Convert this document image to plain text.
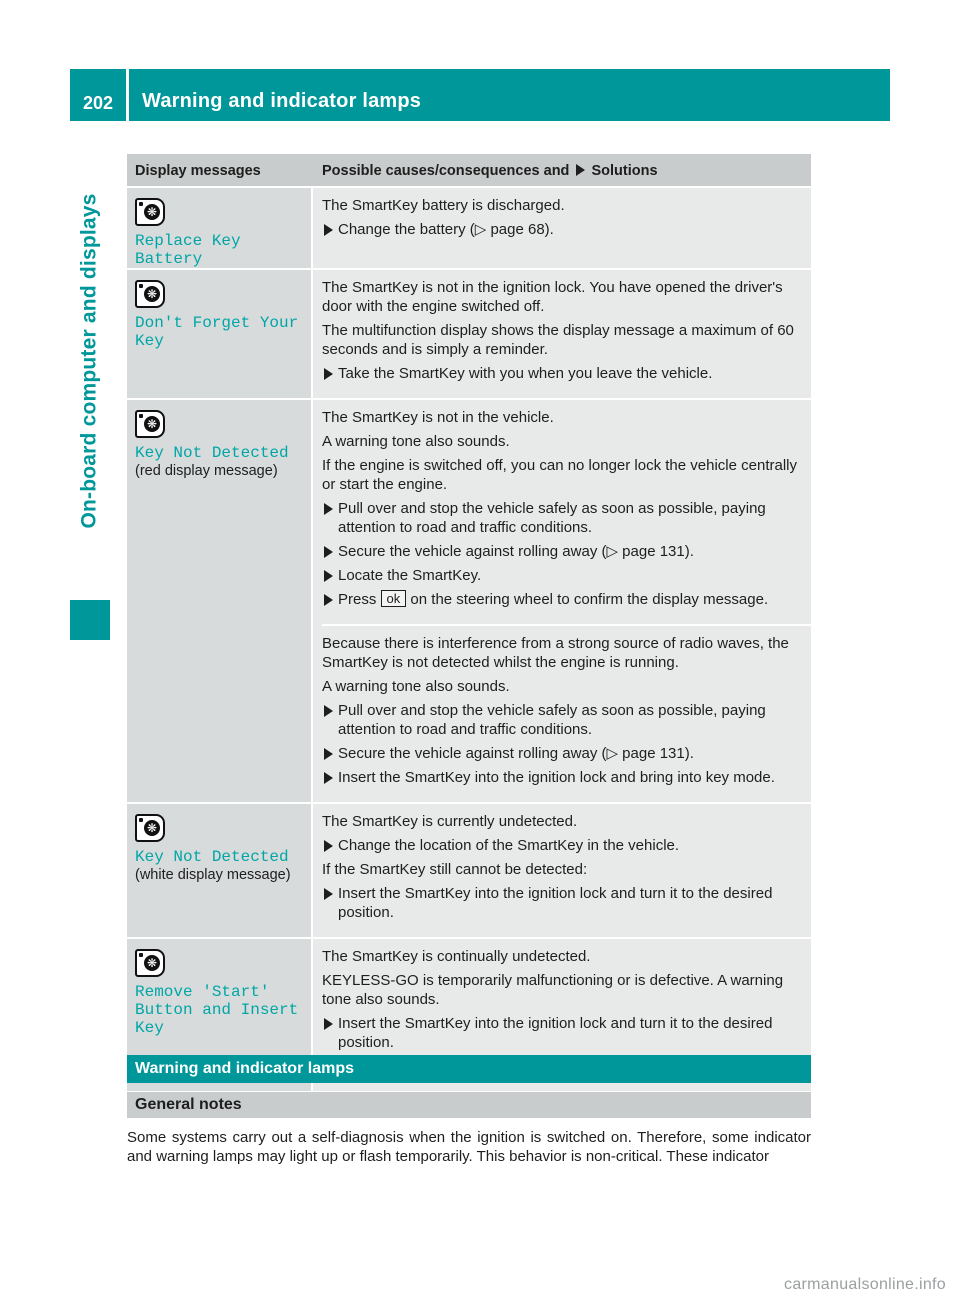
202	Warning and indicator lamps
On-board computer and displays
Display messages	Possible causes/consequences and Solutions
❋
Replace Key Battery

The SmartKey battery is discharged.

Change the battery (▷ page 68).
❋
Don't Forget Your Key

The SmartKey is not in the ignition lock. You have opened the driver's door with the engine switched off.

The multifunction display shows the display message a maximum of 60 seconds and is simply a reminder.

Take the SmartKey with you when you leave the vehicle.
❋
Key Not Detected
(red display message)

The SmartKey is not in the vehicle.

A warning tone also sounds.

If the engine is switched off, you can no longer lock the vehicle centrally or start the engine.

Pull over and stop the vehicle safely as soon as possible, paying attention to road and traffic conditions.
Secure the vehicle against rolling away (▷ page 131).
Locate the SmartKey.
Press ok on the steering wheel to confirm the display message.

Because there is interference from a strong source of radio waves, the SmartKey is not detected whilst the engine is running.

A warning tone also sounds.

Pull over and stop the vehicle safely as soon as possible, paying attention to road and traffic conditions.
Secure the vehicle against rolling away (▷ page 131).
Insert the SmartKey into the ignition lock and bring into key mode.
❋
Key Not Detected
(white display message)

The SmartKey is currently undetected.

Change the location of the SmartKey in the vehicle.

If the SmartKey still cannot be detected:

Insert the SmartKey into the ignition lock and turn it to the desired position.
❋
Remove 'Start' Button and Insert Key

The SmartKey is continually undetected.

KEYLESS-GO is temporarily malfunctioning or is defective. A warning tone also sounds.

Insert the SmartKey into the ignition lock and turn it to the desired position.
Warning and indicator lamps
General notes
Some systems carry out a self-diagnosis when the ignition is switched on. Therefore, some indicator and warning lamps may light up or flash temporarily. This behavior is non-critical. These indicator
carmanualsonline.info
